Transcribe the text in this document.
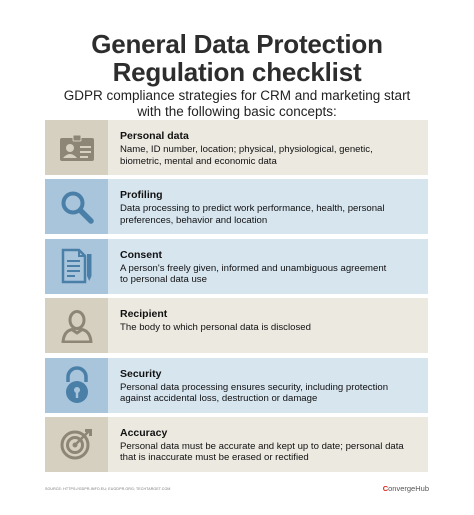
General Data Protection
Regulation checklist
GDPR compliance strategies for CRM and marketing start
with the following basic concepts:
Personal data
Name, ID number, location; physical, physiological, genetic,
biometric, mental and economic data
Profiling
Data processing to predict work performance, health, personal
preferences, behavior and location
Consent
A person's freely given, informed and unambiguous agreement
to personal data use
Recipient
The body to which personal data is disclosed
Security
Personal data processing ensures security, including protection
against accidental loss, destruction or damage
Accuracy
Personal data must be accurate and kept up to date; personal data
that is inaccurate must be erased or rectified
SOURCE: HTTPS://GDPR-INFO.EU; EUGDPR.ORG; TECHTARGET.COM	ConvergeHub
